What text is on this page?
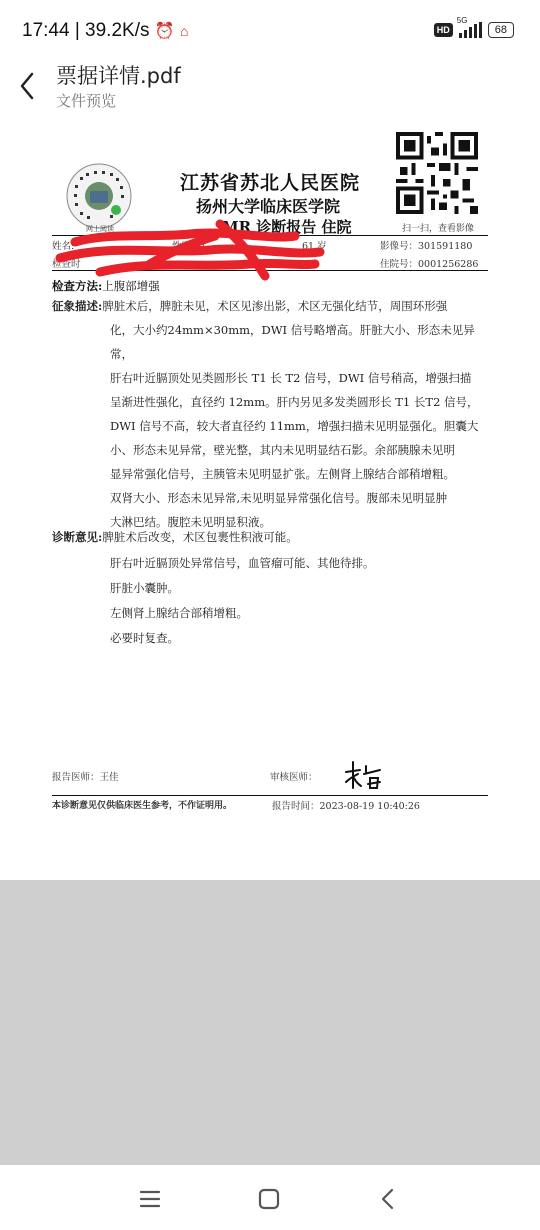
17:44 | 39.2K/s ⏰ ⌂	HD
5G
68
票据详情.pdf
文件预览
网上阅读	扫一扫，查看影像
江苏省苏北人民医院
扬州大学临床医学院
MR 诊断报告 住院
姓名:	性别: 女	61 岁	影像号：301591180
检查时	住院号：0001256286
检查方法:上腹部增强
征象描述:脾脏术后，脾脏未见，术区见渗出影，术区无强化结节，周围环形强
化，大小约24mm×30mm，DWI 信号略增高。肝脏大小、形态未见异常，
肝右叶近膈顶处见类圆形长 T1 长 T2 信号，DWI 信号稍高，增强扫描
呈渐进性强化，直径约 12mm。肝内另见多发类圆形长 T1 长T2 信号，
DWI 信号不高，较大者直径约 11mm，增强扫描未见明显强化。胆囊大
小、形态未见异常，壁光整，其内未见明显结石影。余部胰腺未见明
显异常强化信号，主胰管未见明显扩张。左侧肾上腺结合部稍增粗。
双肾大小、形态未见异常,未见明显异常强化信号。腹部未见明显肿
大淋巴结。腹腔未见明显积液。
诊断意见:脾脏术后改变，术区包裹性积液可能。
肝右叶近膈顶处异常信号，血管瘤可能、其他待排。
肝脏小囊肿。
左侧肾上腺结合部稍增粗。
必要时复查。
报告医师：王佳	审核医师：
本诊断意见仅供临床医生参考，不作证明用。	报告时间：2023-08-19 10:40:26
